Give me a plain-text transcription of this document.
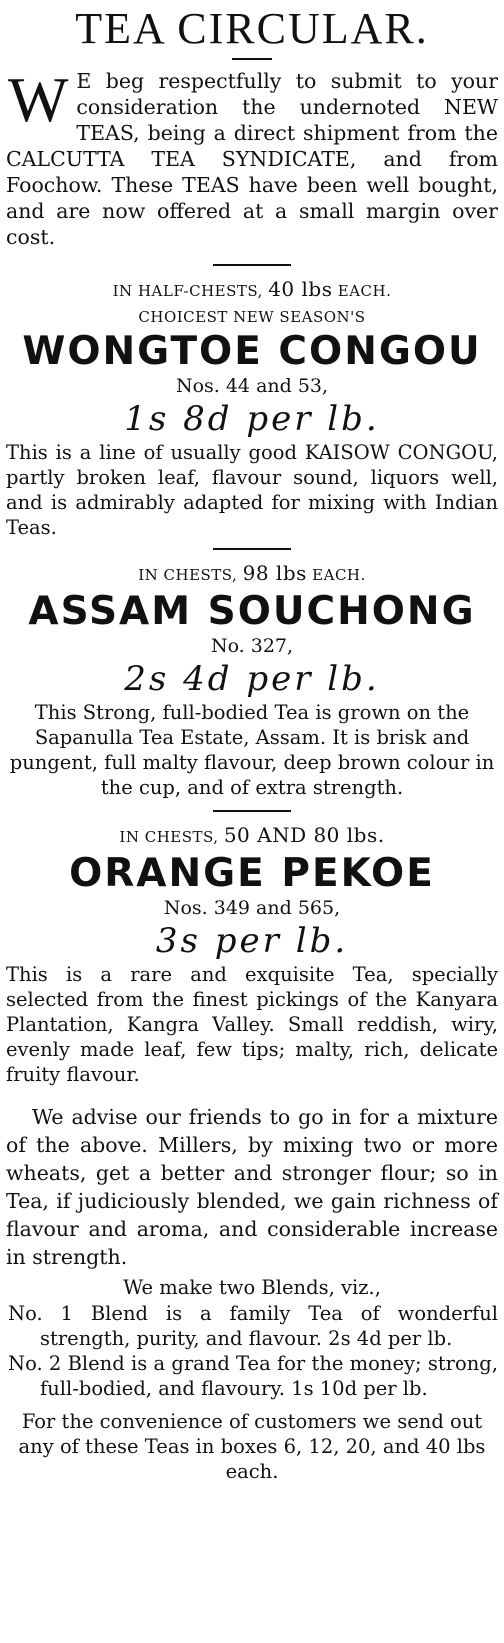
TEA CIRCULAR.
W E beg respectfully to submit to your consideration the undernoted NEW TEAS, being a direct shipment from the CALCUTTA TEA SYNDICATE, and from Foochow. These TEAS have been well bought, and are now offered at a small margin over cost.
IN HALF-CHESTS, 40 lbs EACH.
CHOICEST NEW SEASON'S
WONGTOE CONGOU
Nos. 44 and 53,
1s 8d per lb.
This is a line of usually good KAISOW CONGOU, partly broken leaf, flavour sound, liquors well, and is admirably adapted for mixing with Indian Teas.
IN CHESTS, 98 lbs EACH.
ASSAM SOUCHONG
No. 327,
2s 4d per lb.
This Strong, full-bodied Tea is grown on the Sapanulla Tea Estate, Assam. It is brisk and pungent, full malty flavour, deep brown colour in the cup, and of extra strength.
IN CHESTS, 50 AND 80 lbs.
ORANGE PEKOE
Nos. 349 and 565,
3s per lb.
This is a rare and exquisite Tea, specially selected from the finest pickings of the Kanyara Plantation, Kangra Valley. Small reddish, wiry, evenly made leaf, few tips; malty, rich, delicate fruity flavour.
We advise our friends to go in for a mixture of the above. Millers, by mixing two or more wheats, get a better and stronger flour; so in Tea, if judiciously blended, we gain richness of flavour and aroma, and considerable increase in strength.
We make two Blends, viz.,
No. 1 Blend is a family Tea of wonderful strength, purity, and flavour. 2s 4d per lb.
No. 2 Blend is a grand Tea for the money; strong, full-bodied, and flavoury. 1s 10d per lb.
For the convenience of customers we send out any of these Teas in boxes 6, 12, 20, and 40 lbs each.
